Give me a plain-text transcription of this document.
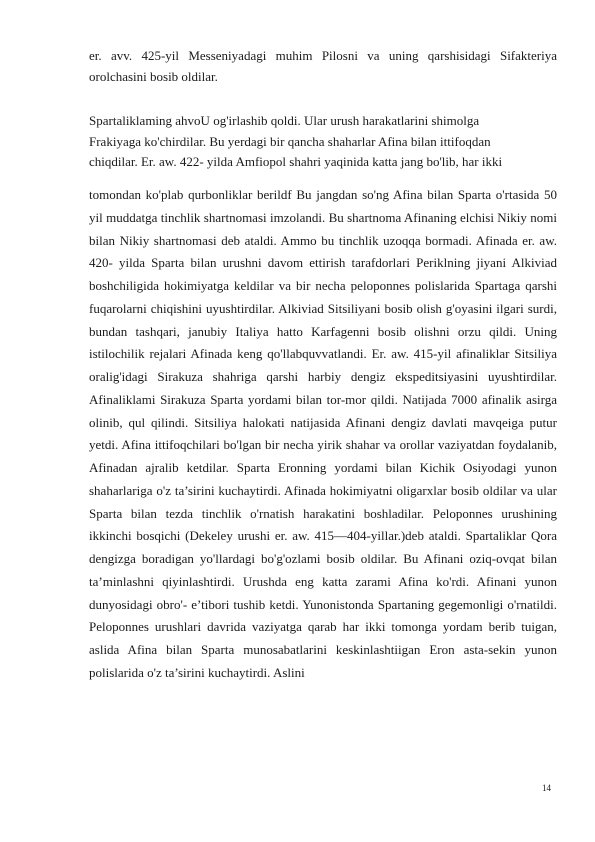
er. avv. 425-yil Messeniyadagi muhim Pilosni va uning qarshisidagi Sifakteriya orolchasini bosib oldilar.

Spartaliklaming ahvoU og'irlashib qoldi. Ular urush harakatlarini shimolga
Frakiyaga ko'chirdilar. Bu yerdagi bir qancha shaharlar Afina bilan ittifoqdan
chiqdilar. Er. aw. 422- yilda Amfiopol shahri yaqinida katta jang bo'lib, har ikki

tomondan ko'plab qurbonliklar berildf Bu jangdan so'ng Afina bilan Sparta o'rtasida 50 yil muddatga tinchlik shartnomasi imzolandi. Bu shartnoma Afinaning elchisi Nikiy nomi bilan Nikiy shartnomasi deb ataldi. Ammo bu tinchlik uzoqqa bormadi. Afinada er. aw. 420- yilda Sparta bilan urushni davom ettirish tarafdorlari Periklning jiyani Alkiviad boshchiligida hokimiyatga keldilar va bir necha peloponnes polislarida Spartaga qarshi fuqarolarni chiqishini uyushtirdilar. Alkiviad Sitsiliyani bosib olish g'oyasini ilgari surdi, bundan tashqari, janubiy Italiya hatto Karfagenni bosib olishni orzu qildi. Uning istilochilik rejalari Afinada keng qo'llabquvvatlandi. Er. aw. 415-yil afinaliklar Sitsiliya oralig'idagi Sirakuza shahriga qarshi harbiy dengiz ekspeditsiyasini uyushtirdilar. Afinaliklami Sirakuza Sparta yordami bilan tor-mor qildi. Natijada 7000 afinalik asirga olinib, qul qilindi. Sitsiliya halokati natijasida Afinani dengiz davlati mavqeiga putur yetdi. Afina ittifoqchilari bo'lgan bir necha yirik shahar va orollar vaziyatdan foydalanib, Afinadan ajralib ketdilar. Sparta Eronning yordami bilan Kichik Osiyodagi yunon shaharlariga o'z ta’sirini kuchaytirdi. Afinada hokimiyatni oligarxlar bosib oldilar va ular Sparta bilan tezda tinchlik o'rnatish harakatini boshladilar. Peloponnes urushining ikkinchi bosqichi (Dekeley urushi er. aw. 415—404-yillar.)deb ataldi. Spartaliklar Qora dengizga boradigan yo'llardagi bo'g'ozlami bosib oldilar. Bu Afinani oziq-ovqat bilan ta’minlashni qiyinlashtirdi. Urushda eng katta zarami Afina ko'rdi. Afinani yunon dunyosidagi obro'- e’tibori tushib ketdi. Yunonistonda Spartaning gegemonligi o'rnatildi. Peloponnes urushlari davrida vaziyatga qarab har ikki tomonga yordam berib tuigan, aslida Afina bilan Sparta munosabatlarini keskinlashtiigan Eron asta-sekin yunon polislarida o'z ta’sirini kuchaytirdi. Aslini

14
